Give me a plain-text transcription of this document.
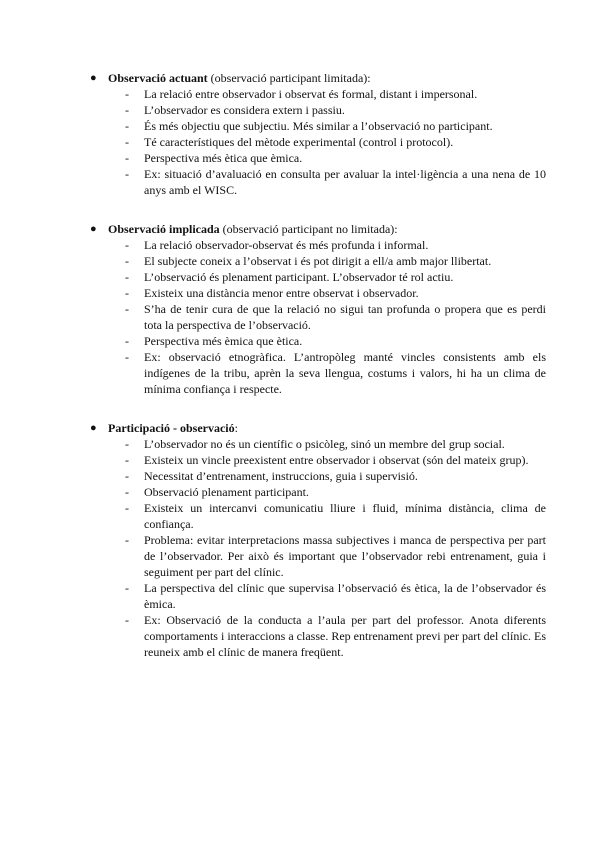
● Observació actuant (observació participant limitada):
- La relació entre observador i observat és formal, distant i impersonal.
- L’observador es considera extern i passiu.
- És més objectiu que subjectiu. Més similar a l’observació no participant.
- Té característiques del mètode experimental (control i protocol).
- Perspectiva més ètica que èmica.
- Ex: situació d’avaluació en consulta per avaluar la intel·ligència a una nena de 10 anys amb el WISC.
● Observació implicada (observació participant no limitada):
- La relació observador-observat és més profunda i informal.
- El subjecte coneix a l’observat i és pot dirigit a ell/a amb major llibertat.
- L’observació és plenament participant. L’observador té rol actiu.
- Existeix una distància menor entre observat i observador.
- S’ha de tenir cura de que la relació no sigui tan profunda o propera que es perdi tota la perspectiva de l’observació.
- Perspectiva més èmica que ètica.
- Ex: observació etnogràfica. L’antropòleg manté vincles consistents amb els indígenes de la tribu, aprèn la seva llengua, costums i valors, hi ha un clima de mínima confiança i respecte.
● Participació - observació:
- L’observador no és un científic o psicòleg, sinó un membre del grup social.
- Existeix un vincle preexistent entre observador i observat (són del mateix grup).
- Necessitat d’entrenament, instruccions, guia i supervisió.
- Observació plenament participant.
- Existeix un intercanvi comunicatiu lliure i fluid, mínima distància, clima de confiança.
- Problema: evitar interpretacions massa subjectives i manca de perspectiva per part de l’observador. Per això és important que l’observador rebi entrenament, guia i seguiment per part del clínic.
- La perspectiva del clínic que supervisa l’observació és ètica, la de l’observador és èmica.
- Ex: Observació de la conducta a l’aula per part del professor. Anota diferents comportaments i interaccions a classe. Rep entrenament previ per part del clínic. Es reuneix amb el clínic de manera freqüent.
